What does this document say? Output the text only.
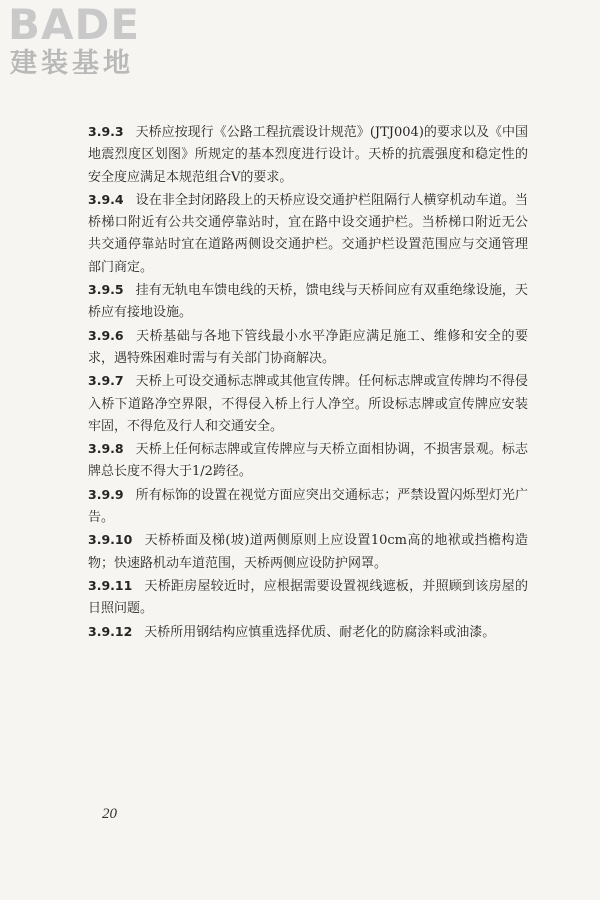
BADE
建装基地

3.9.3 天桥应按现行《公路工程抗震设计规范》(JTJ004)的要求以及《中国地震烈度区划图》所规定的基本烈度进行设计。天桥的抗震强度和稳定性的安全度应满足本规范组合Ⅴ的要求。

3.9.4 设在非全封闭路段上的天桥应设交通护栏阻隔行人横穿机动车道。当桥梯口附近有公共交通停靠站时，宜在路中设交通护栏。当桥梯口附近无公共交通停靠站时宜在道路两侧设交通护栏。交通护栏设置范围应与交通管理部门商定。

3.9.5 挂有无轨电车馈电线的天桥，馈电线与天桥间应有双重绝缘设施，天桥应有接地设施。

3.9.6 天桥基础与各地下管线最小水平净距应满足施工、维修和安全的要求，遇特殊困难时需与有关部门协商解决。

3.9.7 天桥上可设交通标志牌或其他宣传牌。任何标志牌或宣传牌均不得侵入桥下道路净空界限，不得侵入桥上行人净空。所设标志牌或宣传牌应安装牢固，不得危及行人和交通安全。

3.9.8 天桥上任何标志牌或宣传牌应与天桥立面相协调，不损害景观。标志牌总长度不得大于1/2跨径。

3.9.9 所有标饰的设置在视觉方面应突出交通标志；严禁设置闪烁型灯光广告。

3.9.10 天桥桥面及梯(坡)道两侧原则上应设置10cm高的地袱或挡檐构造物；快速路机动车道范围，天桥两侧应设防护网罩。

3.9.11 天桥距房屋较近时，应根据需要设置视线遮板，并照顾到该房屋的日照问题。

3.9.12 天桥所用钢结构应慎重选择优质、耐老化的防腐涂料或油漆。

20
